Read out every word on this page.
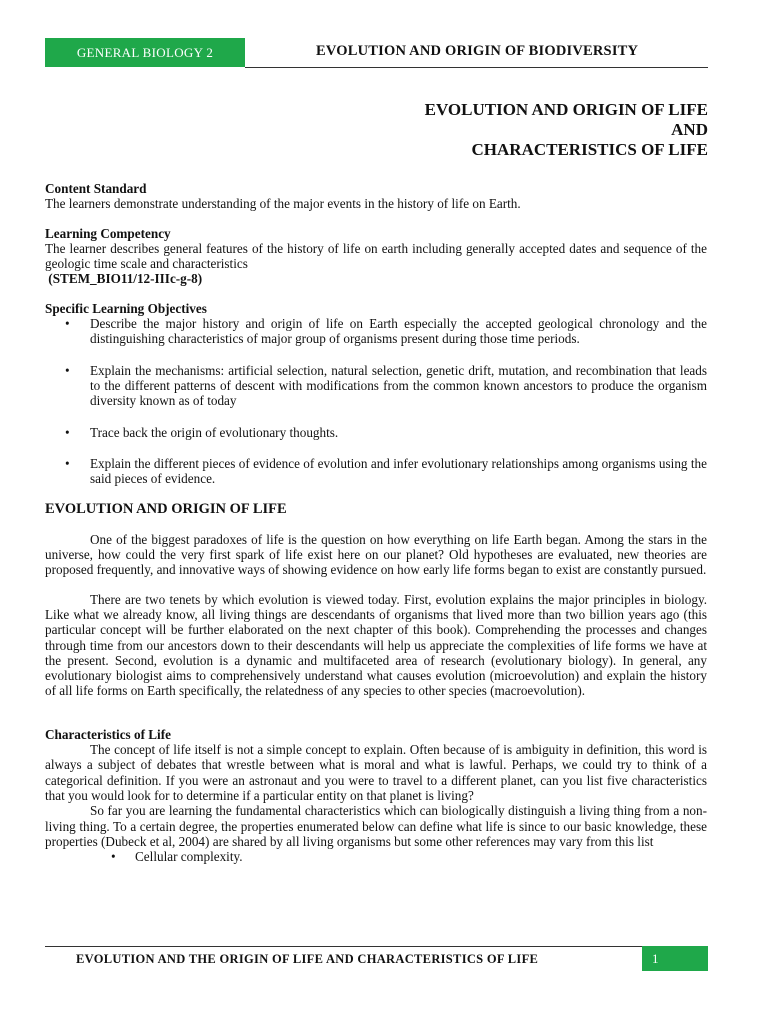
GENERAL BIOLOGY 2	EVOLUTION AND ORIGIN OF BIODIVERSITY
EVOLUTION AND ORIGIN OF LIFE
AND
CHARACTERISTICS OF LIFE
Content Standard

The learners demonstrate understanding of the major events in the history of life on Earth.

Learning Competency

The learner describes general features of the history of life on earth including generally accepted dates and sequence of the geologic time scale and characteristics

(STEM_BIO11/12-IIIc-g-8)
Specific Learning Objectives
• Describe the major history and origin of life on Earth especially the accepted geological chronology and the distinguishing characteristics of major group of organisms present during those time periods.
• Explain the mechanisms: artificial selection, natural selection, genetic drift, mutation, and recombination that leads to the different patterns of descent with modifications from the common known ancestors to produce the organism diversity known as of today
• Trace back the origin of evolutionary thoughts.
• Explain the different pieces of evidence of evolution and infer evolutionary relationships among organisms using the said pieces of evidence.
EVOLUTION AND ORIGIN OF LIFE

One of the biggest paradoxes of life is the question on how everything on life Earth began. Among the stars in the universe, how could the very first spark of life exist here on our planet? Old hypotheses are evaluated, new theories are proposed frequently, and innovative ways of showing evidence on how early life forms began to exist are constantly pursued.

There are two tenets by which evolution is viewed today. First, evolution explains the major principles in biology. Like what we already know, all living things are descendants of organisms that lived more than two billion years ago (this particular concept will be further elaborated on the next chapter of this book). Comprehending the processes and changes through time from our ancestors down to their descendants will help us appreciate the complexities of life forms we have at the present. Second, evolution is a dynamic and multifaceted area of research (evolutionary biology). In general, any evolutionary biologist aims to comprehensively understand what causes evolution (microevolution) and explain the history of all life forms on Earth specifically, the relatedness of any species to other species (macroevolution).

Characteristics of Life

The concept of life itself is not a simple concept to explain. Often because of is ambiguity in definition, this word is always a subject of debates that wrestle between what is moral and what is lawful. Perhaps, we could try to think of a categorical definition. If you were an astronaut and you were to travel to a different planet, can you list five characteristics that you would look for to determine if a particular entity on that planet is living?

So far you are learning the fundamental characteristics which can biologically distinguish a living thing from a non-living thing. To a certain degree, the properties enumerated below can define what life is since to our basic knowledge, these properties (Dubeck et al, 2004) are shared by all living organisms but some other references may vary from this list

• Cellular complexity.
EVOLUTION AND THE ORIGIN OF LIFE AND CHARACTERISTICS OF LIFE	1
